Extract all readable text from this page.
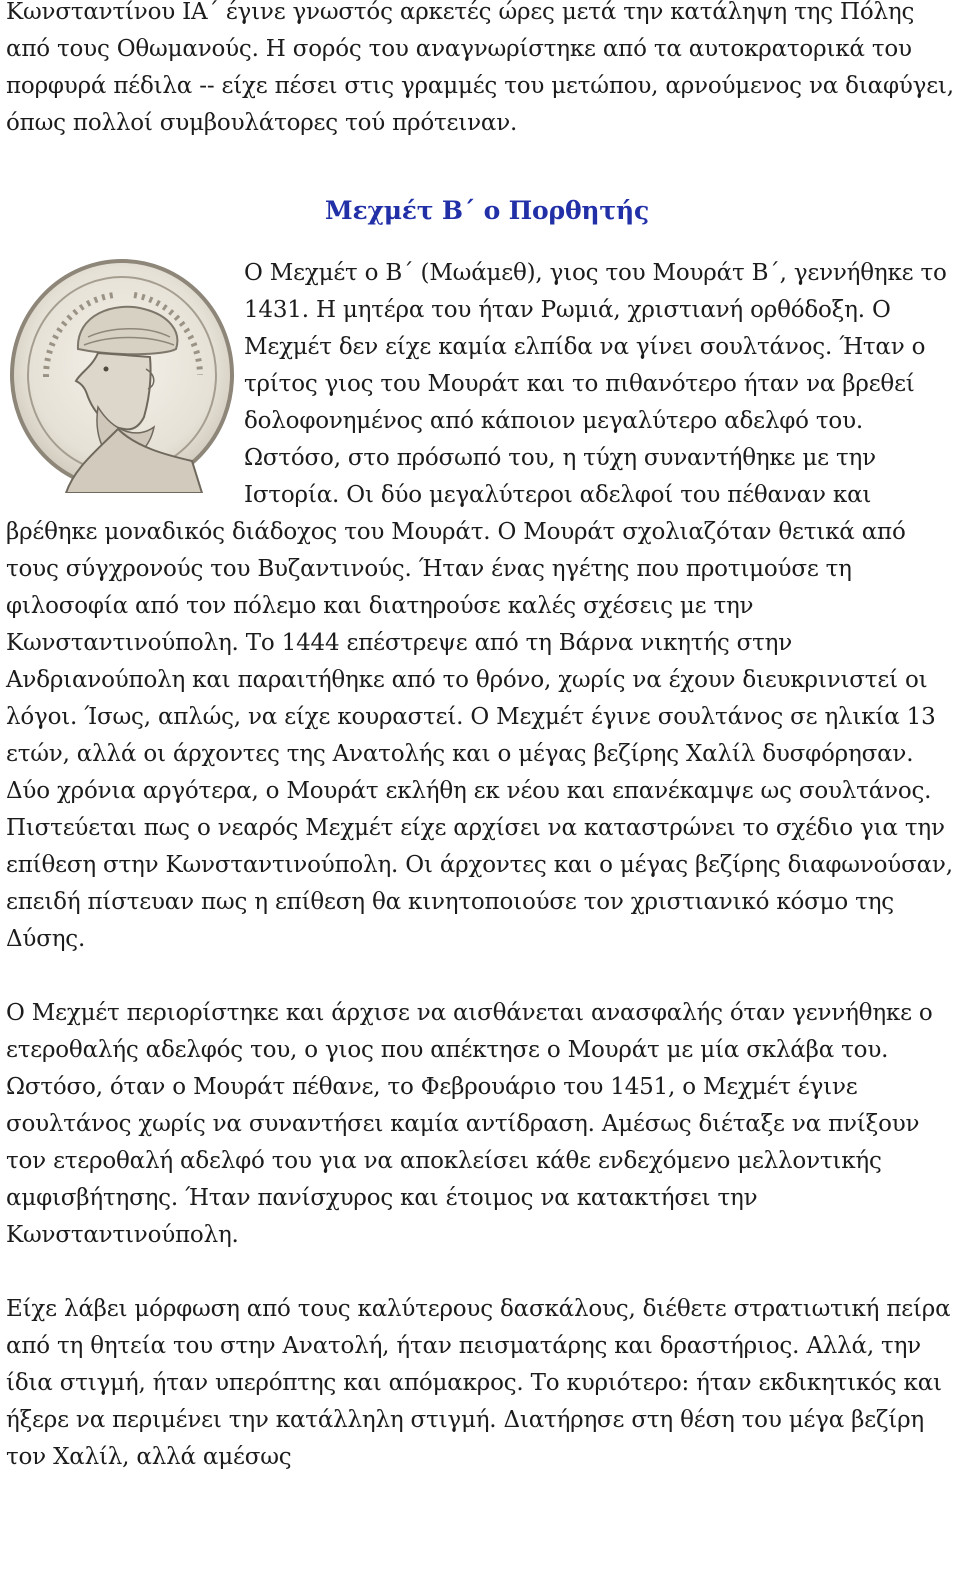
Κωνσταντίνου ΙΑ΄ έγινε γνωστός αρκετές ώρες μετά την κατάληψη της Πόλης από τους Οθωμανούς. Η σορός του αναγνωρίστηκε από τα αυτοκρατορικά του πορφυρά πέδιλα -- είχε πέσει στις γραμμές του μετώπου, αρνούμενος να διαφύγει, όπως πολλοί συμβουλάτορες τού πρότειναν.

Μεχμέτ Β΄ ο Πορθητής

Ο Μεχμέτ ο Β΄ (Μωάμεθ), γιος του Μουράτ Β΄, γεννήθηκε το 1431. Η μητέρα του ήταν Ρωμιά, χριστιανή ορθόδοξη. Ο Μεχμέτ δεν είχε καμία ελπίδα να γίνει σουλτάνος. Ήταν ο τρίτος γιος του Μουράτ και το πιθανότερο ήταν να βρεθεί δολοφονημένος από κάποιον μεγαλύτερο αδελφό του. Ωστόσο, στο πρόσωπό του, η τύχη συναντήθηκε με την Ιστορία. Οι δύο μεγαλύτεροι αδελφοί του πέθαναν και βρέθηκε μοναδικός διάδοχος του Μουράτ. Ο Μουράτ σχολιαζόταν θετικά από τους σύγχρονούς του Βυζαντινούς. Ήταν ένας ηγέτης που προτιμούσε τη φιλοσοφία από τον πόλεμο και διατηρούσε καλές σχέσεις με την Κωνσταντινούπολη. Το 1444 επέστρεψε από τη Βάρνα νικητής στην Ανδριανούπολη και παραιτήθηκε από το θρόνο, χωρίς να έχουν διευκρινιστεί οι λόγοι. Ίσως, απλώς, να είχε κουραστεί. Ο Μεχμέτ έγινε σουλτάνος σε ηλικία 13 ετών, αλλά οι άρχοντες της Ανατολής και ο μέγας βεζίρης Χαλίλ δυσφόρησαν. Δύο χρόνια αργότερα, ο Μουράτ εκλήθη εκ νέου και επανέκαμψε ως σουλτάνος. Πιστεύεται πως ο νεαρός Μεχμέτ είχε αρχίσει να καταστρώνει το σχέδιο για την επίθεση στην Κωνσταντινούπολη. Οι άρχοντες και ο μέγας βεζίρης διαφωνούσαν, επειδή πίστευαν πως η επίθεση θα κινητοποιούσε τον χριστιανικό κόσμο της Δύσης.

Ο Μεχμέτ περιορίστηκε και άρχισε να αισθάνεται ανασφαλής όταν γεννήθηκε ο ετεροθαλής αδελφός του, ο γιος που απέκτησε ο Μουράτ με μία σκλάβα του. Ωστόσο, όταν ο Μουράτ πέθανε, το Φεβρουάριο του 1451, ο Μεχμέτ έγινε σουλτάνος χωρίς να συναντήσει καμία αντίδραση. Αμέσως διέταξε να πνίξουν τον ετεροθαλή αδελφό του για να αποκλείσει κάθε ενδεχόμενο μελλοντικής αμφισβήτησης. Ήταν πανίσχυρος και έτοιμος να κατακτήσει την Κωνσταντινούπολη.

Είχε λάβει μόρφωση από τους καλύτερους δασκάλους, διέθετε στρατιωτική πείρα από τη θητεία του στην Ανατολή, ήταν πεισματάρης και δραστήριος. Αλλά, την ίδια στιγμή, ήταν υπερόπτης και απόμακρος. Το κυριότερο: ήταν εκδικητικός και ήξερε να περιμένει την κατάλληλη στιγμή. Διατήρησε στη θέση του μέγα βεζίρη τον Χαλίλ, αλλά αμέσως
